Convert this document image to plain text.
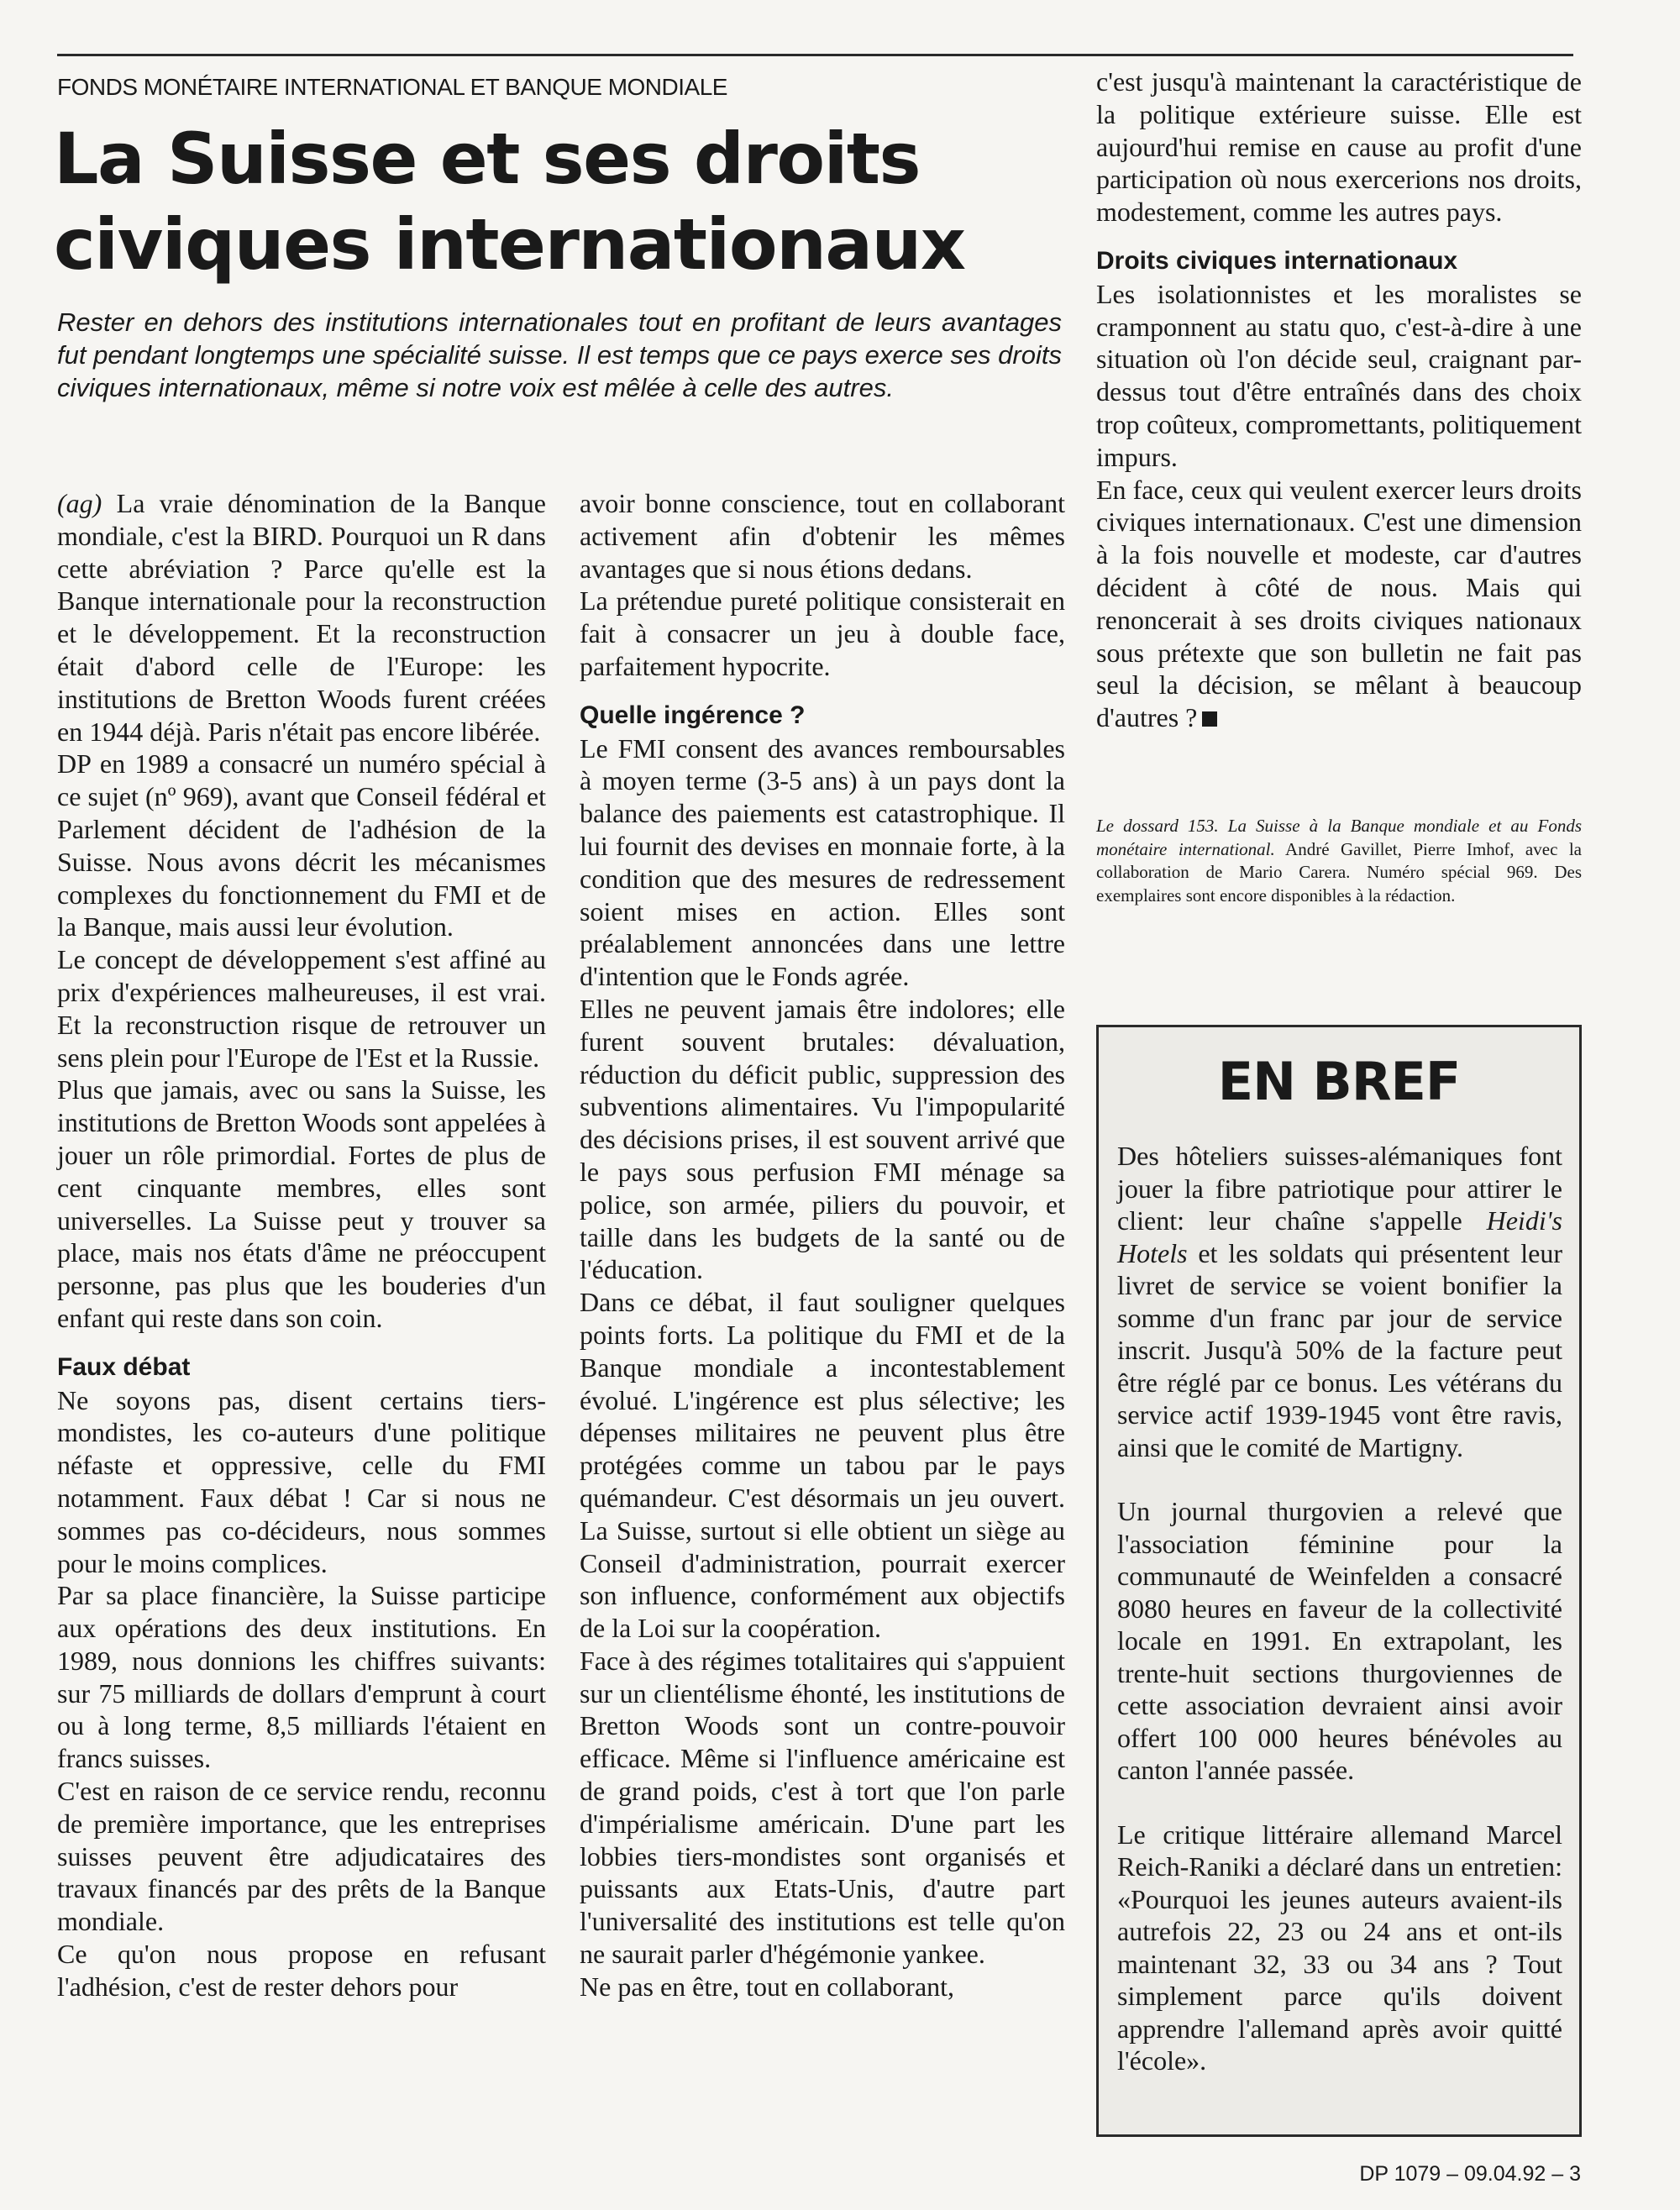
FONDS MONÉTAIRE INTERNATIONAL ET BANQUE MONDIALE
La Suisse et ses droits civiques internationaux

Rester en dehors des institutions internationales tout en profitant de leurs avantages fut pendant longtemps une spécialité suisse. Il est temps que ce pays exerce ses droits civiques internationaux, même si notre voix est mêlée à celle des autres.

(ag) La vraie dénomination de la Banque mondiale, c'est la BIRD. Pourquoi un R dans cette abréviation ? Parce qu'elle est la Banque internationale pour la reconstruction et le développement. Et la reconstruction était d'abord celle de l'Europe: les institutions de Bretton Woods furent créées en 1944 déjà. Paris n'était pas encore libérée.

DP en 1989 a consacré un numéro spécial à ce sujet (nº 969), avant que Conseil fédéral et Parlement décident de l'adhésion de la Suisse. Nous avons décrit les mécanismes complexes du fonctionnement du FMI et de la Banque, mais aussi leur évolution.

Le concept de développement s'est affiné au prix d'expériences malheureuses, il est vrai. Et la reconstruction risque de retrouver un sens plein pour l'Europe de l'Est et la Russie.

Plus que jamais, avec ou sans la Suisse, les institutions de Bretton Woods sont appelées à jouer un rôle primordial. Fortes de plus de cent cinquante membres, elles sont universelles. La Suisse peut y trouver sa place, mais nos états d'âme ne préoccupent personne, pas plus que les bouderies d'un enfant qui reste dans son coin.

Faux débat

Ne soyons pas, disent certains tiers-mondistes, les co-auteurs d'une politique néfaste et oppressive, celle du FMI notamment. Faux débat ! Car si nous ne sommes pas co-décideurs, nous sommes pour le moins complices.

Par sa place financière, la Suisse participe aux opérations des deux institutions. En 1989, nous donnions les chiffres suivants: sur 75 milliards de dollars d'emprunt à court ou à long terme, 8,5 milliards l'étaient en francs suisses.

C'est en raison de ce service rendu, reconnu de première importance, que les entreprises suisses peuvent être adjudicataires des travaux financés par des prêts de la Banque mondiale.

Ce qu'on nous propose en refusant l'adhésion, c'est de rester dehors pour

avoir bonne conscience, tout en collaborant activement afin d'obtenir les mêmes avantages que si nous étions dedans.

La prétendue pureté politique consisterait en fait à consacrer un jeu à double face, parfaitement hypocrite.

Quelle ingérence ?

Le FMI consent des avances remboursables à moyen terme (3-5 ans) à un pays dont la balance des paiements est catastrophique. Il lui fournit des devises en monnaie forte, à la condition que des mesures de redressement soient mises en action. Elles sont préalablement annoncées dans une lettre d'intention que le Fonds agrée.

Elles ne peuvent jamais être indolores; elle furent souvent brutales: dévaluation, réduction du déficit public, suppression des subventions alimentaires. Vu l'impopularité des décisions prises, il est souvent arrivé que le pays sous perfusion FMI ménage sa police, son armée, piliers du pouvoir, et taille dans les budgets de la santé ou de l'éducation.

Dans ce débat, il faut souligner quelques points forts. La politique du FMI et de la Banque mondiale a incontestablement évolué. L'ingérence est plus sélective; les dépenses militaires ne peuvent plus être protégées comme un tabou par le pays quémandeur. C'est désormais un jeu ouvert. La Suisse, surtout si elle obtient un siège au Conseil d'administration, pourrait exercer son influence, conformément aux objectifs de la Loi sur la coopération.

Face à des régimes totalitaires qui s'appuient sur un clientélisme éhonté, les institutions de Bretton Woods sont un contre-pouvoir efficace. Même si l'influence américaine est de grand poids, c'est à tort que l'on parle d'impérialisme américain. D'une part les lobbies tiers-mondistes sont organisés et puissants aux Etats-Unis, d'autre part l'universalité des institutions est telle qu'on ne saurait parler d'hégémonie yankee.

Ne pas en être, tout en collaborant,

c'est jusqu'à maintenant la caractéristique de la politique extérieure suisse. Elle est aujourd'hui remise en cause au profit d'une participation où nous exercerions nos droits, modestement, comme les autres pays.

Droits civiques internationaux

Les isolationnistes et les moralistes se cramponnent au statu quo, c'est-à-dire à une situation où l'on décide seul, craignant par-dessus tout d'être entraînés dans des choix trop coûteux, compromettants, politiquement impurs.

En face, ceux qui veulent exercer leurs droits civiques internationaux. C'est une dimension à la fois nouvelle et modeste, car d'autres décident à côté de nous. Mais qui renoncerait à ses droits civiques nationaux sous prétexte que son bulletin ne fait pas seul la décision, se mêlant à beaucoup d'autres ?

Le dossard 153. La Suisse à la Banque mondiale et au Fonds monétaire international. André Gavillet, Pierre Imhof, avec la collaboration de Mario Carera. Numéro spécial 969. Des exemplaires sont encore disponibles à la rédaction.
EN BREF

Des hôteliers suisses-alémaniques font jouer la fibre patriotique pour attirer le client: leur chaîne s'appelle Heidi's Hotels et les soldats qui présentent leur livret de service se voient bonifier la somme d'un franc par jour de service inscrit. Jusqu'à 50% de la facture peut être réglé par ce bonus. Les vétérans du service actif 1939-1945 vont être ravis, ainsi que le comité de Martigny.

Un journal thurgovien a relevé que l'association féminine pour la communauté de Weinfelden a consacré 8080 heures en faveur de la collectivité locale en 1991. En extrapolant, les trente-huit sections thurgoviennes de cette association devraient ainsi avoir offert 100 000 heures bénévoles au canton l'année passée.

Le critique littéraire allemand Marcel Reich-Raniki a déclaré dans un entretien: «Pourquoi les jeunes auteurs avaient-ils autrefois 22, 23 ou 24 ans et ont-ils maintenant 32, 33 ou 34 ans ? Tout simplement parce qu'ils doivent apprendre l'allemand après avoir quitté l'école».

DP 1079 – 09.04.92 – 3
